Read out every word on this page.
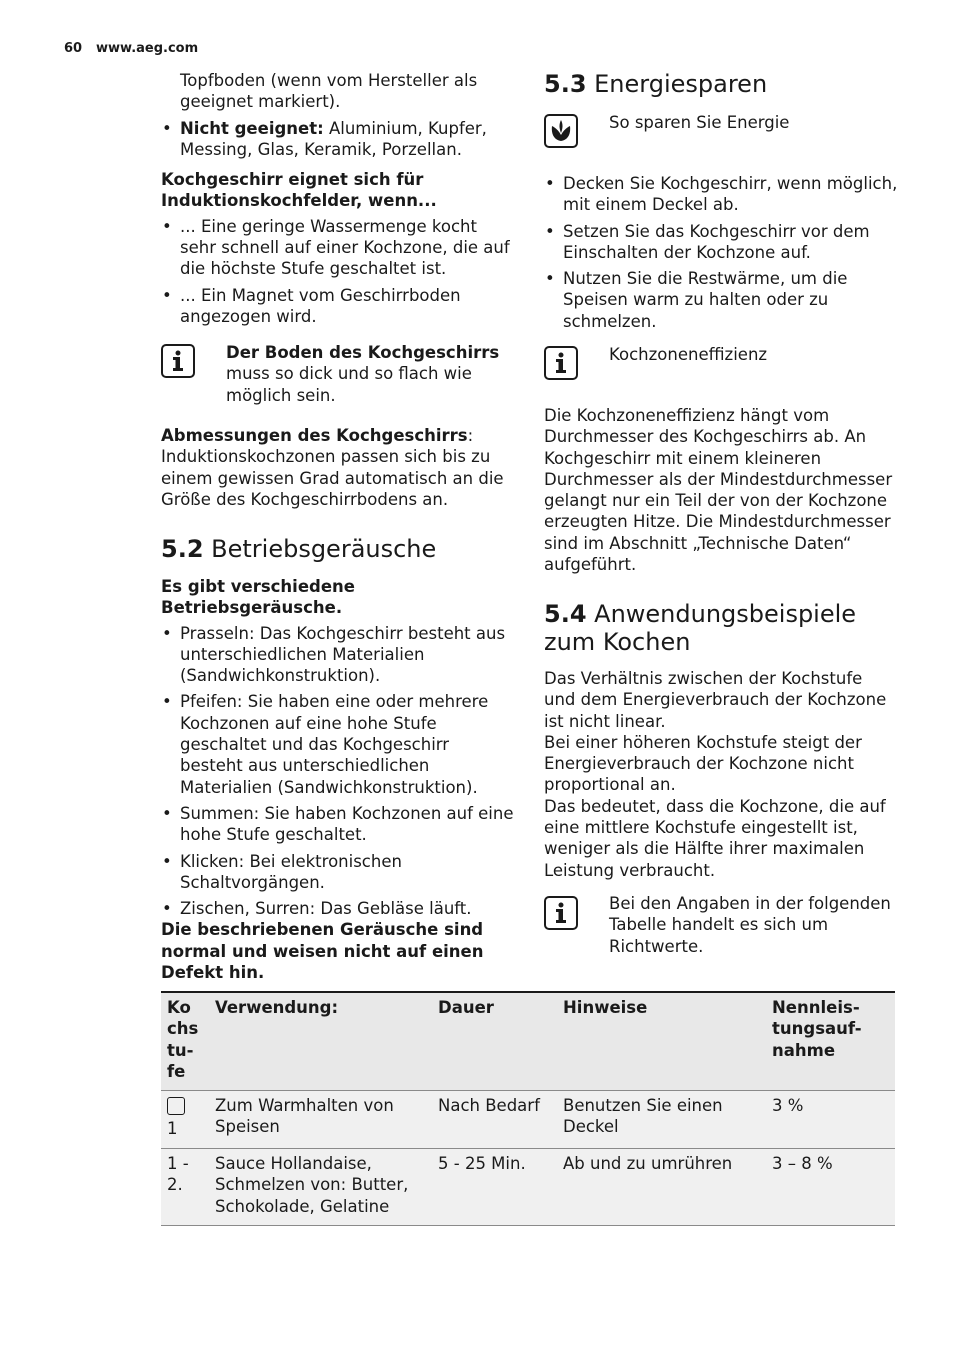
60 www.aeg.com

Topfboden (wenn vom Hersteller als geeignet markiert).

• Nicht geeignet: Aluminium, Kupfer, Messing, Glas, Keramik, Porzellan.

Kochgeschirr eignet sich für Induktionskochfelder, wenn...

• ... Eine geringe Wassermenge kocht sehr schnell auf einer Kochzone, die auf die höchste Stufe geschaltet ist.
• ... Ein Magnet vom Geschirrboden angezogen wird.
Der Boden des Kochgeschirrs muss so dick und so flach wie möglich sein.
Abmessungen des Kochgeschirrs: Induktionskochzonen passen sich bis zu einem gewissen Grad automatisch an die Größe des Kochgeschirrbodens an.
5.2 Betriebsgeräusche

Es gibt verschiedene Betriebsgeräusche.

• Prasseln: Das Kochgeschirr besteht aus unterschiedlichen Materialien (Sandwichkonstruktion).
• Pfeifen: Sie haben eine oder mehrere Kochzonen auf eine hohe Stufe geschaltet und das Kochgeschirr besteht aus unterschiedlichen Materialien (Sandwichkonstruktion).
• Summen: Sie haben Kochzonen auf eine hohe Stufe geschaltet.
• Klicken: Bei elektronischen Schaltvorgängen.
• Zischen, Surren: Das Gebläse läuft.

Die beschriebenen Geräusche sind normal und weisen nicht auf einen Defekt hin.

5.3 Energiesparen
So sparen Sie Energie
• Decken Sie Kochgeschirr, wenn möglich, mit einem Deckel ab.
• Setzen Sie das Kochgeschirr vor dem Einschalten der Kochzone auf.
• Nutzen Sie die Restwärme, um die Speisen warm zu halten oder zu schmelzen.
Kochzoneneffizienz

Die Kochzoneneffizienz hängt vom Durchmesser des Kochgeschirrs ab. An Kochgeschirr mit einem kleineren Durchmesser als der Mindestdurchmesser gelangt nur ein Teil der von der Kochzone erzeugten Hitze. Die Mindestdurchmesser sind im Abschnitt „Technische Daten“ aufgeführt.

5.4 Anwendungsbeispiele zum Kochen

Das Verhältnis zwischen der Kochstufe und dem Energieverbrauch der Kochzone ist nicht linear.

Bei einer höheren Kochstufe steigt der Energieverbrauch der Kochzone nicht proportional an.

Das bedeutet, dass die Kochzone, die auf eine mittlere Kochstufe eingestellt ist, weniger als die Hälfte ihrer maximalen Leistung verbraucht.

Bei den Angaben in der folgenden Tabelle handelt es sich um Richtwerte.
Ko chs tu- fe	Verwendung:	Dauer	Hinweise	Nennleis- tungsauf- nahme

1	Zum Warmhalten von Speisen	Nach Bedarf	Benutzen Sie einen Deckel	3 %
1 - 2.	Sauce Hollandaise, Schmelzen von: Butter, Schokolade, Gelatine	5 - 25 Min.	Ab und zu umrühren	3 – 8 %
